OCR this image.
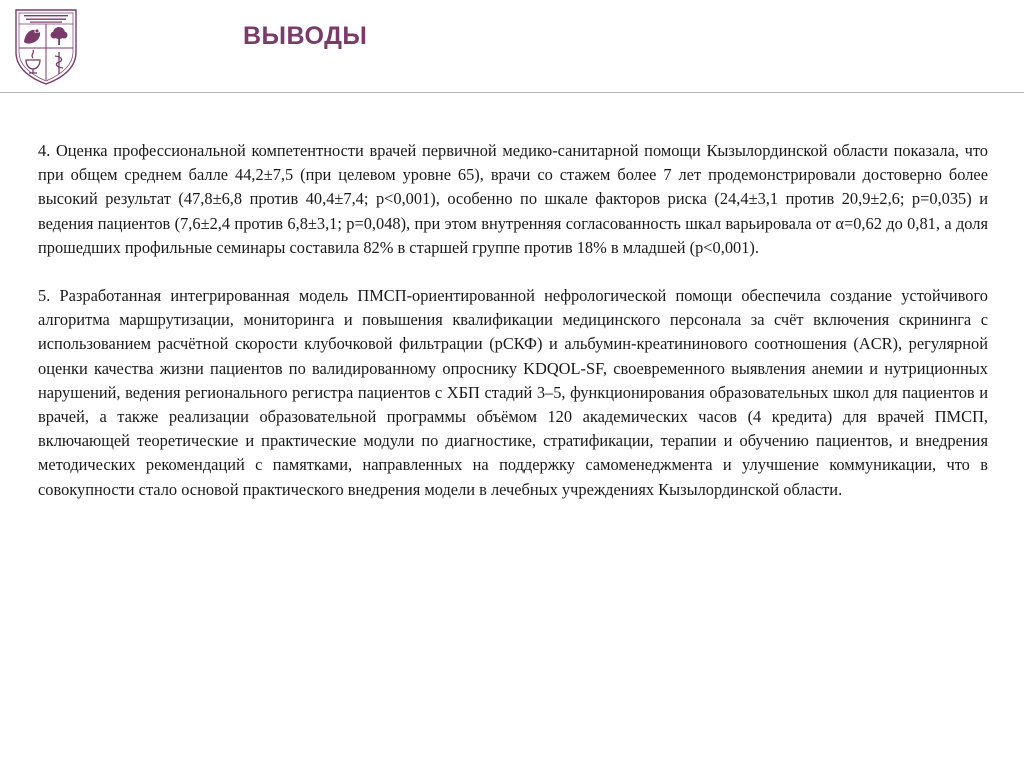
ВЫВОДЫ

4. Оценка профессиональной компетентности врачей первичной медико-санитарной помощи Кызылординской области показала, что при общем среднем балле 44,2±7,5 (при целевом уровне 65), врачи со стажем более 7 лет продемонстрировали достоверно более высокий результат (47,8±6,8 против 40,4±7,4; p<0,001), особенно по шкале факторов риска (24,4±3,1 против 20,9±2,6; p=0,035) и ведения пациентов (7,6±2,4 против 6,8±3,1; p=0,048), при этом внутренняя согласованность шкал варьировала от α=0,62 до 0,81, а доля прошедших профильные семинары составила 82% в старшей группе против 18% в младшей (p<0,001).

5. Разработанная интегрированная модель ПМСП-ориентированной нефрологической помощи обеспечила создание устойчивого алгоритма маршрутизации, мониторинга и повышения квалификации медицинского персонала за счёт включения скрининга с использованием расчётной скорости клубочковой фильтрации (рСКФ) и альбумин-креатининового соотношения (ACR), регулярной оценки качества жизни пациентов по валидированному опроснику KDQOL-SF, своевременного выявления анемии и нутриционных нарушений, ведения регионального регистра пациентов с ХБП стадий 3–5, функционирования образовательных школ для пациентов и врачей, а также реализации образовательной программы объёмом 120 академических часов (4 кредита) для врачей ПМСП, включающей теоретические и практические модули по диагностике, стратификации, терапии и обучению пациентов, и внедрения методических рекомендаций с памятками, направленных на поддержку самоменеджмента и улучшение коммуникации, что в совокупности стало основой практического внедрения модели в лечебных учреждениях Кызылординской области.
